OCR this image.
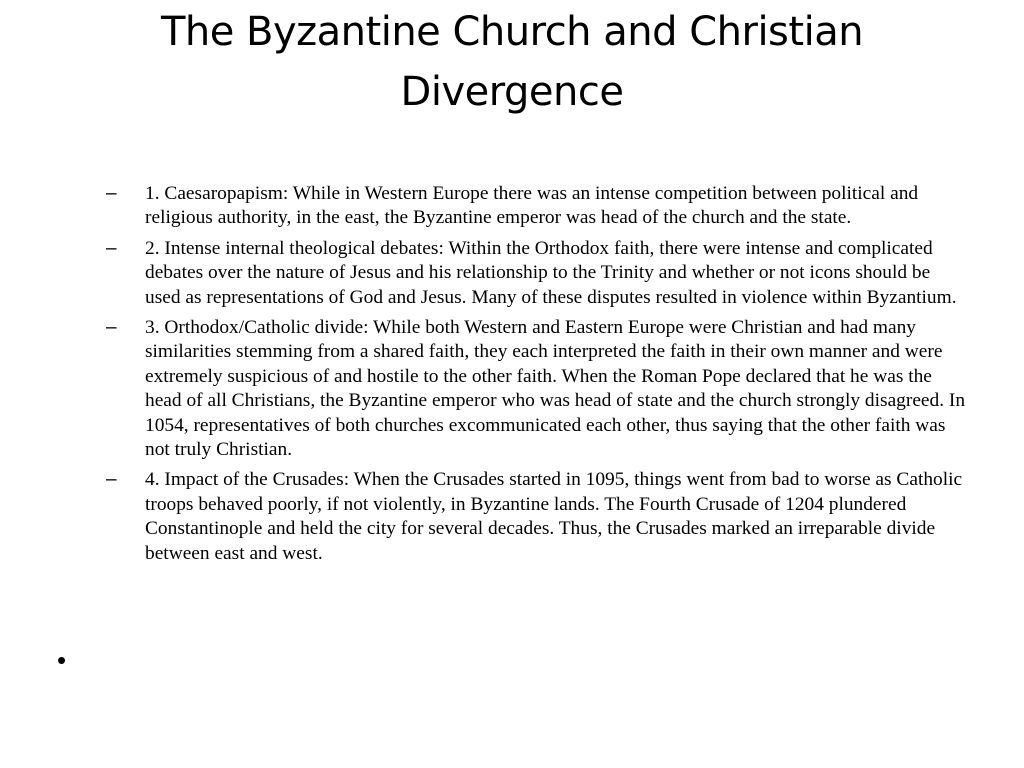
The Byzantine Church and Christian Divergence
– 1. Caesaropapism: While in Western Europe there was an intense competition between political and religious authority, in the east, the Byzantine emperor was head of the church and the state.
– 2. Intense internal theological debates: Within the Orthodox faith, there were intense and complicated debates over the nature of Jesus and his relationship to the Trinity and whether or not icons should be used as representations of God and Jesus. Many of these disputes resulted in violence within Byzantium.
– 3. Orthodox/Catholic divide: While both Western and Eastern Europe were Christian and had many similarities stemming from a shared faith, they each interpreted the faith in their own manner and were extremely suspicious of and hostile to the other faith. When the Roman Pope declared that he was the head of all Christians, the Byzantine emperor who was head of state and the church strongly disagreed. In 1054, representatives of both churches excommunicated each other, thus saying that the other faith was not truly Christian.
– 4. Impact of the Crusades: When the Crusades started in 1095, things went from bad to worse as Catholic troops behaved poorly, if not violently, in Byzantine lands. The Fourth Crusade of 1204 plundered Constantinople and held the city for several decades. Thus, the Crusades marked an irreparable divide between east and west.
•
